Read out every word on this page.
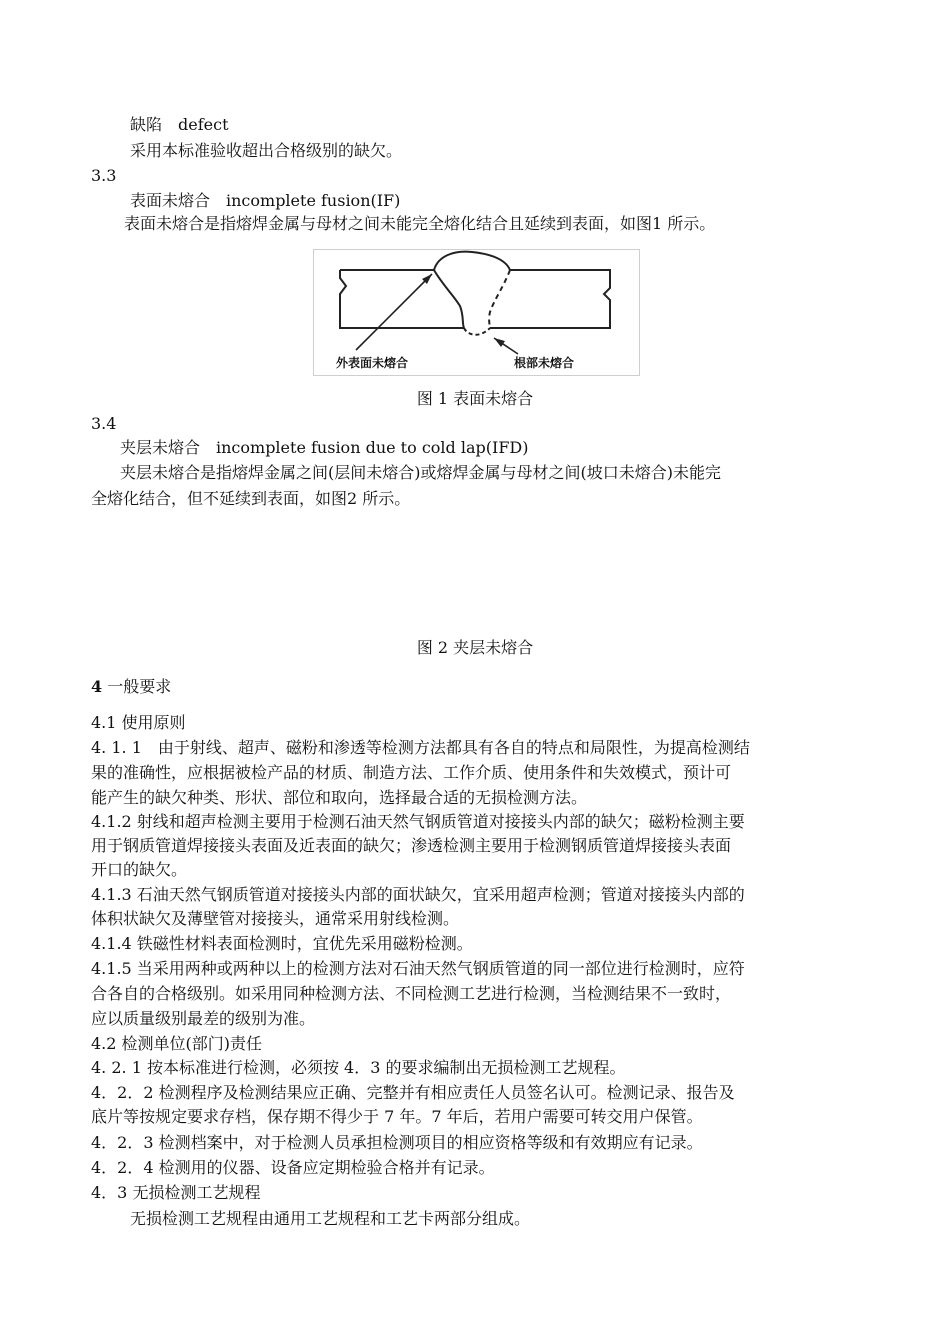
缺陷　defect
采用本标准验收超出合格级别的缺欠。
3.3
表面未熔合　incomplete fusion(IF)
表面未熔合是指熔焊金属与母材之间未能完全熔化结合且延续到表面，如图1 所示。
外表面未熔合	根部未熔合
图 1 表面未熔合
3.4
夹层未熔合　incomplete fusion due to cold lap(IFD)
夹层未熔合是指熔焊金属之间(层间未熔合)或熔焊金属与母材之间(坡口未熔合)未能完
全熔化结合，但不延续到表面，如图2 所示。
图 2 夹层未熔合
4 一般要求
4.1 使用原则
4. 1. 1　由于射线、超声、磁粉和渗透等检测方法都具有各自的特点和局限性，为提高检测结
果的准确性，应根据被检产品的材质、制造方法、工作介质、使用条件和失效模式，预计可
能产生的缺欠种类、形状、部位和取向，选择最合适的无损检测方法。
4.1.2 射线和超声检测主要用于检测石油天然气钢质管道对接接头内部的缺欠；磁粉检测主要
用于钢质管道焊接接头表面及近表面的缺欠；渗透检测主要用于检测钢质管道焊接接头表面
开口的缺欠。
4.1.3 石油天然气钢质管道对接接头内部的面状缺欠，宜采用超声检测；管道对接接头内部的
体积状缺欠及薄壁管对接接头，通常采用射线检测。
4.1.4 铁磁性材料表面检测时，宜优先采用磁粉检测。
4.1.5 当采用两种或两种以上的检测方法对石油天然气钢质管道的同一部位进行检测时，应符
合各自的合格级别。如采用同种检测方法、不同检测工艺进行检测，当检测结果不一致时，
应以质量级别最差的级别为准。
4.2 检测单位(部门)责任
4. 2. 1 按本标准进行检测，必须按 4．3 的要求编制出无损检测工艺规程。
4．2．2 检测程序及检测结果应正确、完整并有相应责任人员签名认可。检测记录、报告及
底片等按规定要求存档，保存期不得少于 7 年。7 年后，若用户需要可转交用户保管。
4．2．3 检测档案中，对于检测人员承担检测项目的相应资格等级和有效期应有记录。
4．2．4 检测用的仪器、设备应定期检验合格并有记录。
4．3 无损检测工艺规程
无损检测工艺规程由通用工艺规程和工艺卡两部分组成。
